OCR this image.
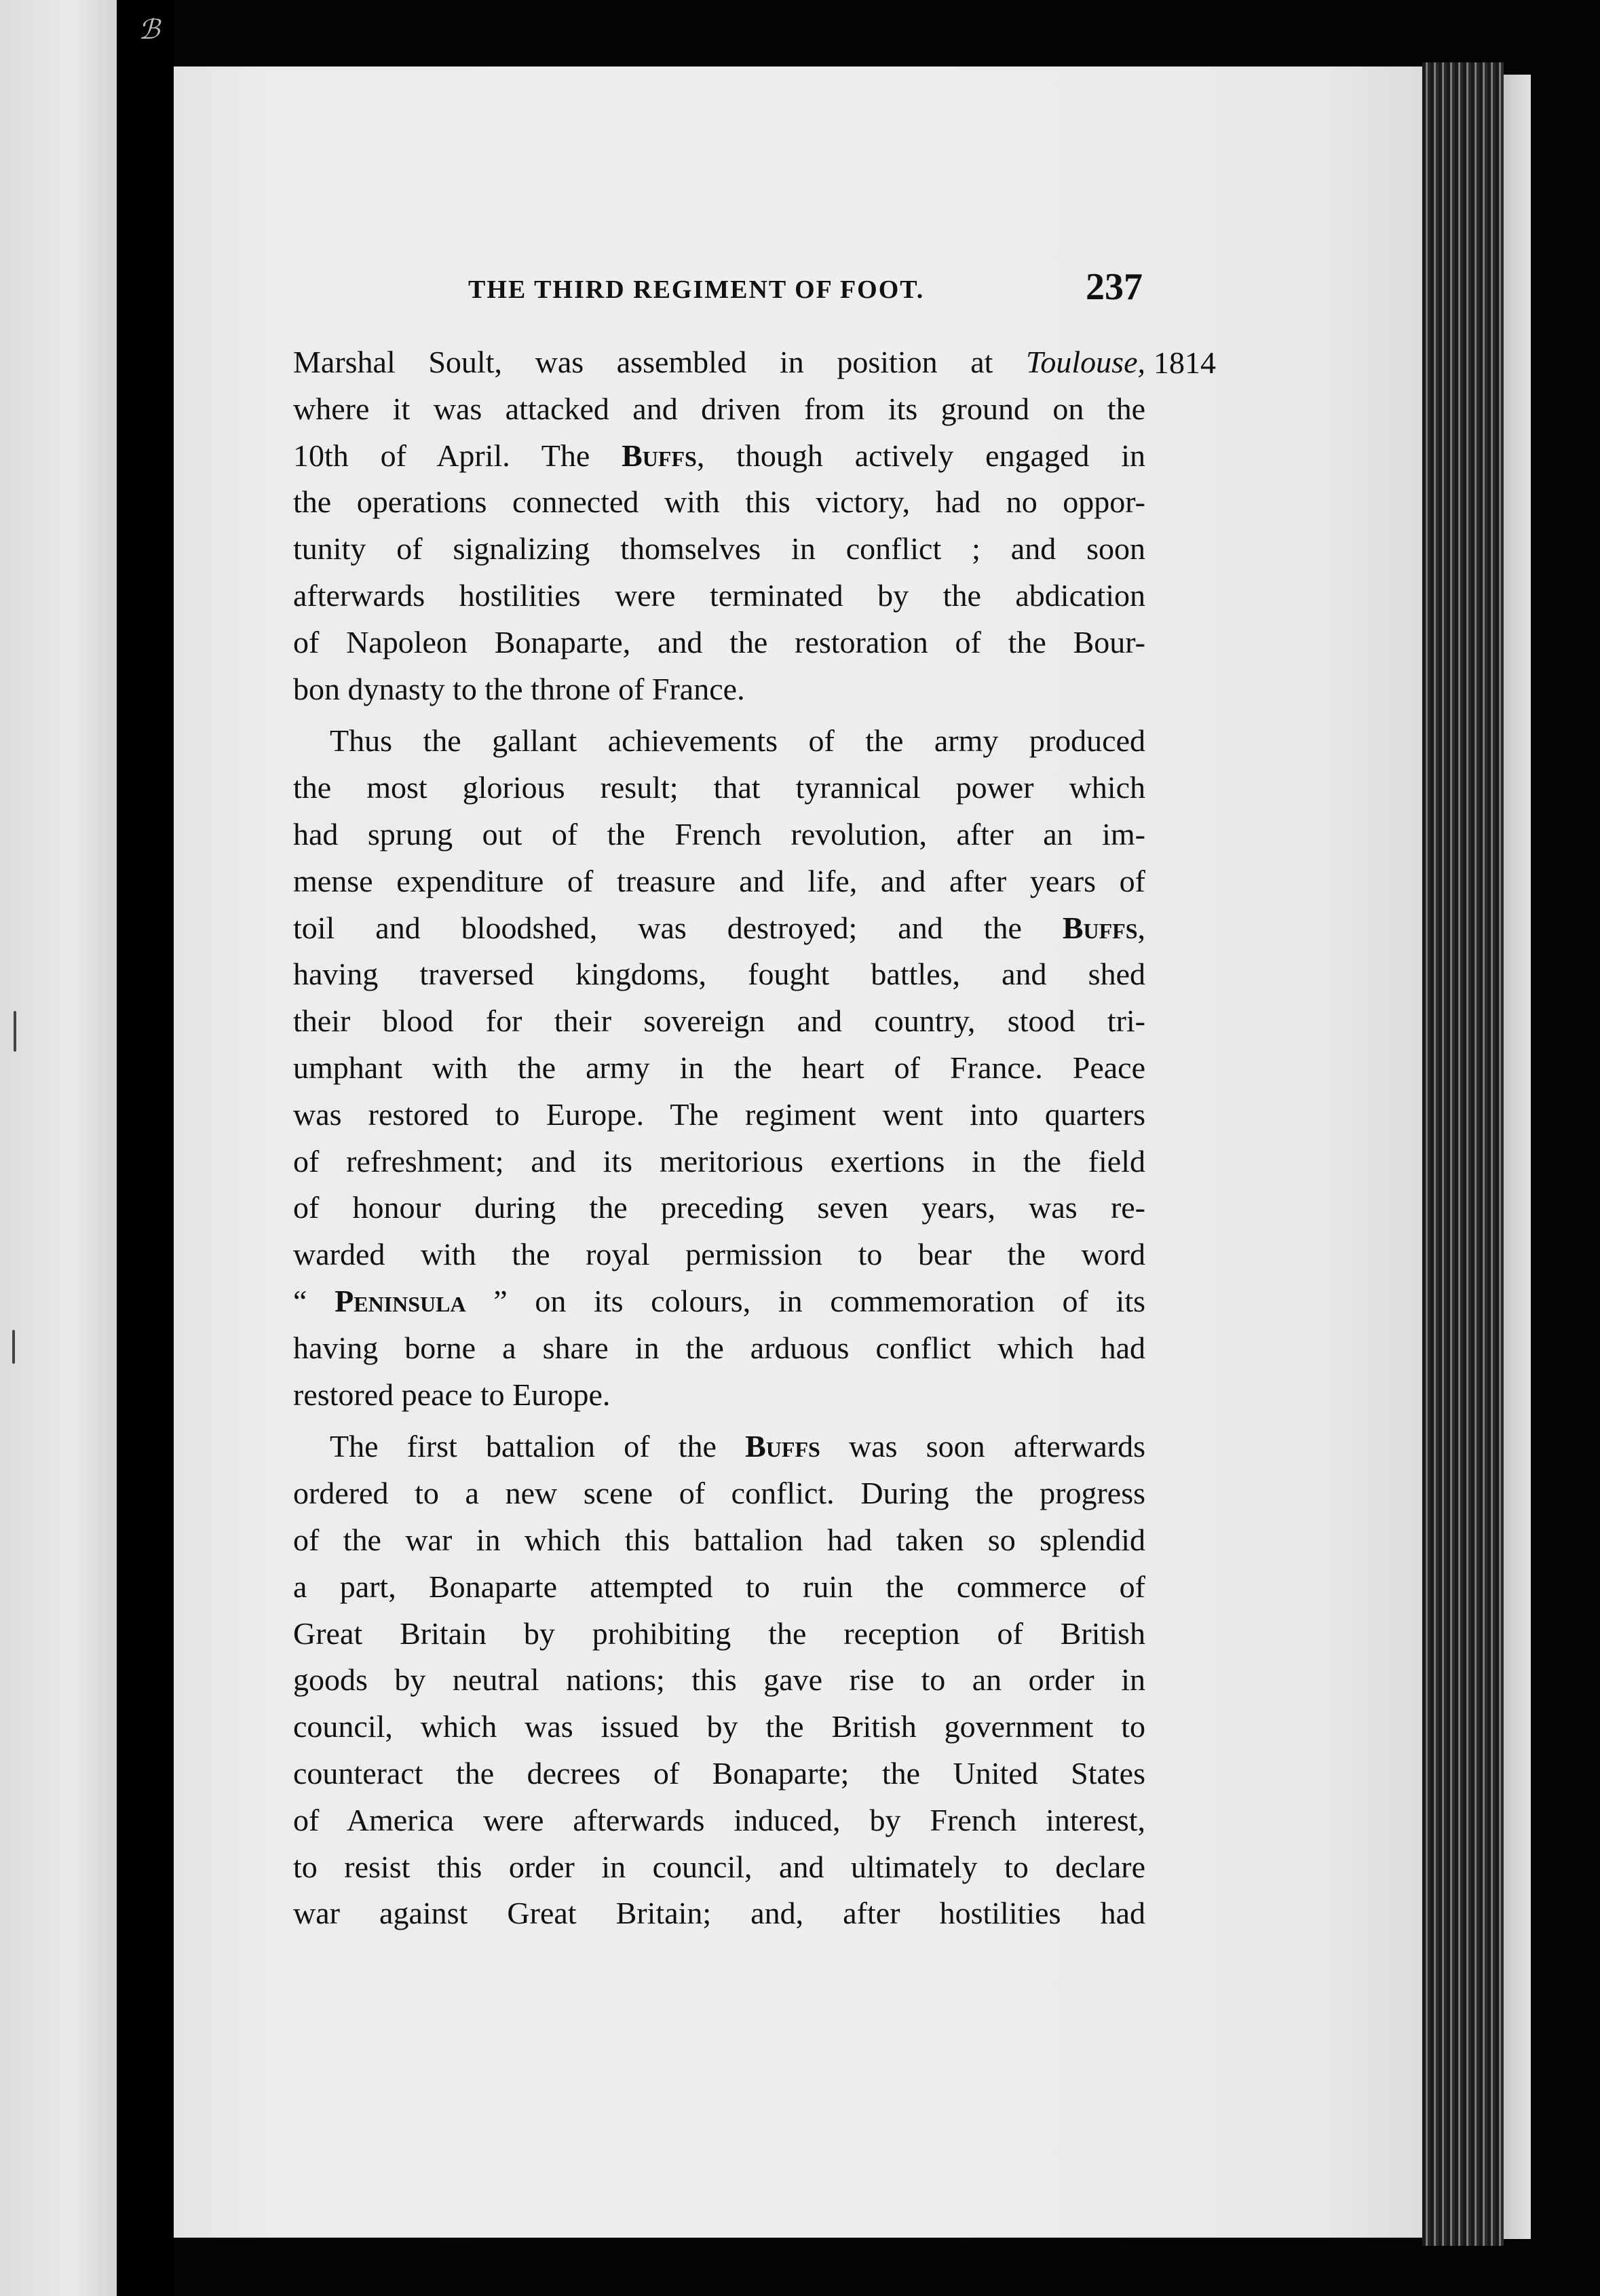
ℬ
THE THIRD REGIMENT OF FOOT.	237
1814
Marshal Soult, was assembled in position at Toulouse,
where it was attacked and driven from its ground on the
10th of April. The Buffs, though actively engaged in
the operations connected with this victory, had no oppor-
tunity of signalizing thomselves in conflict ; and soon
afterwards hostilities were terminated by the abdication
of Napoleon Bonaparte, and the restoration of the Bour-
bon dynasty to the throne of France.
Thus the gallant achievements of the army produced
the most glorious result; that tyrannical power which
had sprung out of the French revolution, after an im-
mense expenditure of treasure and life, and after years of
toil and bloodshed, was destroyed; and the Buffs,
having traversed kingdoms, fought battles, and shed
their blood for their sovereign and country, stood tri-
umphant with the army in the heart of France. Peace
was restored to Europe. The regiment went into quarters
of refreshment; and its meritorious exertions in the field
of honour during the preceding seven years, was re-
warded with the royal permission to bear the word
“ Peninsula ” on its colours, in commemoration of its
having borne a share in the arduous conflict which had
restored peace to Europe.
The first battalion of the Buffs was soon afterwards
ordered to a new scene of conflict. During the progress
of the war in which this battalion had taken so splendid
a part, Bonaparte attempted to ruin the commerce of
Great Britain by prohibiting the reception of British
goods by neutral nations; this gave rise to an order in
council, which was issued by the British government to
counteract the decrees of Bonaparte; the United States
of America were afterwards induced, by French interest,
to resist this order in council, and ultimately to declare
war against Great Britain; and, after hostilities had
